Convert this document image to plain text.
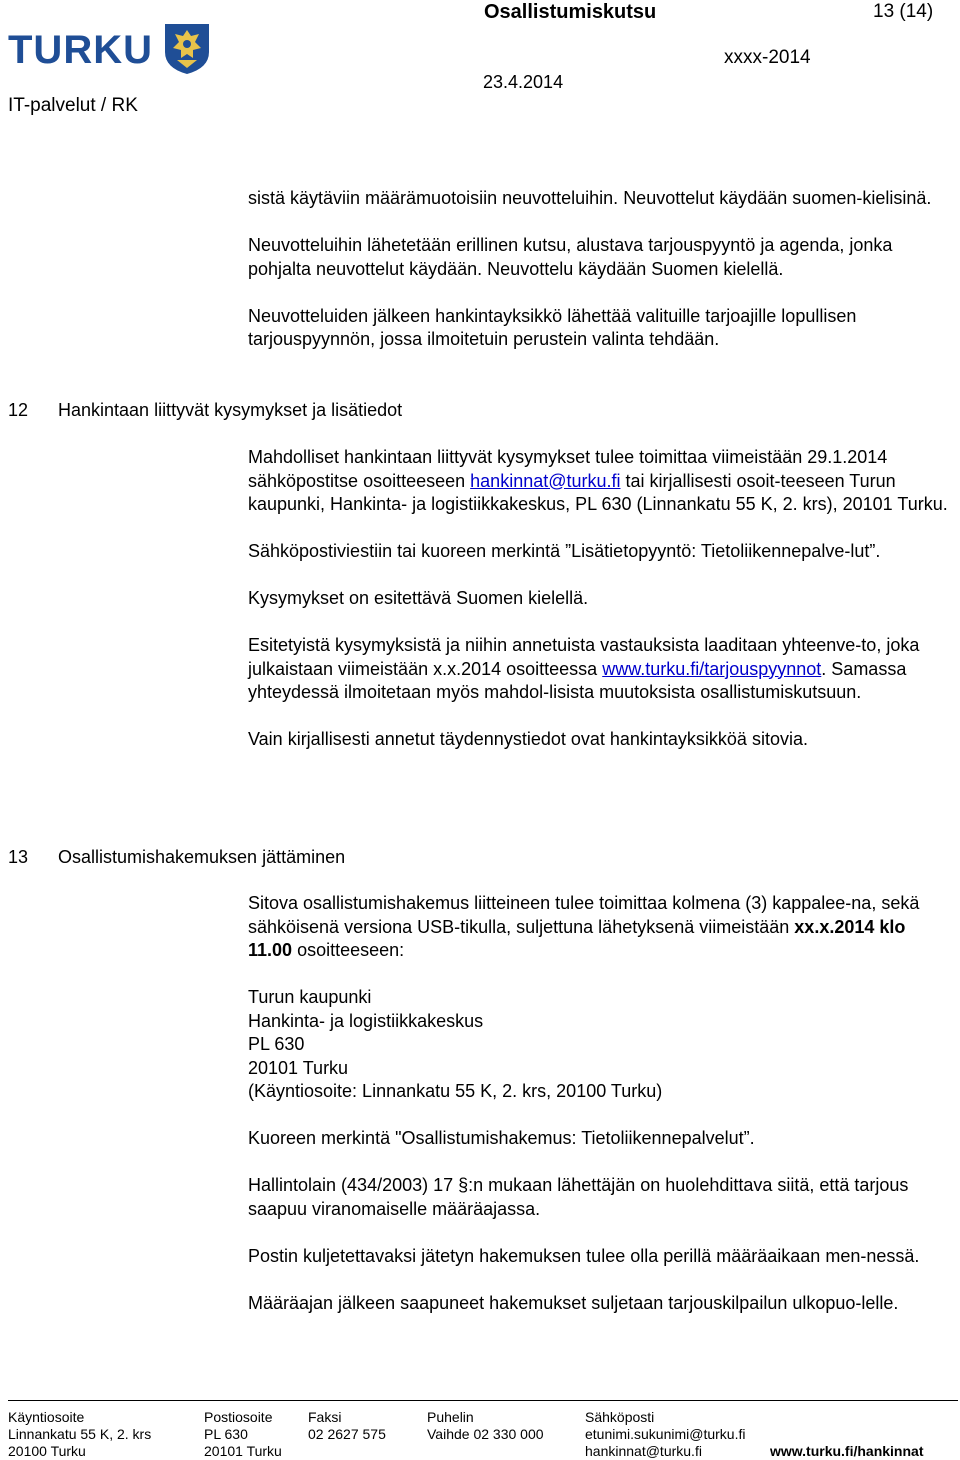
TURKU
Osallistumiskutsu	13 (14)
xxxx-2014
23.4.2014
IT-palvelut / RK

sistä käytäviin määrämuotoisiin neuvotteluihin. Neuvottelut käydään suomen-kielisinä.

Neuvotteluihin lähetetään erillinen kutsu, alustava tarjouspyyntö ja agenda, jonka pohjalta neuvottelut käydään. Neuvottelu käydään Suomen kielellä.

Neuvotteluiden jälkeen hankintayksikkö lähettää valituille tarjoajille lopullisen tarjouspyynnön, jossa ilmoitetuin perustein valinta tehdään.

12 Hankintaan liittyvät kysymykset ja lisätiedot

Mahdolliset hankintaan liittyvät kysymykset tulee toimittaa viimeistään 29.1.2014 sähköpostitse osoitteeseen hankinnat@turku.fi tai kirjallisesti osoit-teeseen Turun kaupunki, Hankinta- ja logistiikkakeskus, PL 630 (Linnankatu 55 K, 2. krs), 20101 Turku.

Sähköpostiviestiin tai kuoreen merkintä ”Lisätietopyyntö: Tietoliikennepalve-lut”.

Kysymykset on esitettävä Suomen kielellä.

Esitetyistä kysymyksistä ja niihin annetuista vastauksista laaditaan yhteenve-to, joka julkaistaan viimeistään x.x.2014 osoitteessa www.turku.fi/tarjouspyynnot. Samassa yhteydessä ilmoitetaan myös mahdol-lisista muutoksista osallistumiskutsuun.

Vain kirjallisesti annetut täydennystiedot ovat hankintayksikköä sitovia.

13 Osallistumishakemuksen jättäminen

Sitova osallistumishakemus liitteineen tulee toimittaa kolmena (3) kappalee-na, sekä sähköisenä versiona USB-tikulla, suljettuna lähetyksenä viimeistään xx.x.2014 klo 11.00 osoitteeseen:

Turun kaupunki
Hankinta- ja logistiikkakeskus
PL 630
20101 Turku
(Käyntiosoite: Linnankatu 55 K, 2. krs, 20100 Turku)

Kuoreen merkintä "Osallistumishakemus: Tietoliikennepalvelut”.

Hallintolain (434/2003) 17 §:n mukaan lähettäjän on huolehdittava siitä, että tarjous saapuu viranomaiselle määräajassa.

Postin kuljetettavaksi jätetyn hakemuksen tulee olla perillä määräaikaan men-nessä.

Määräajan jälkeen saapuneet hakemukset suljetaan tarjouskilpailun ulkopuo-lelle.

Käyntiosoite
Linnankatu 55 K, 2. krs
20100 Turku
Postiosoite
PL 630
20101 Turku
Faksi
02 2627 575
Puhelin
Vaihde 02 330 000
Sähköposti
etunimi.sukunimi@turku.fi
hankinnat@turku.fi	www.turku.fi/hankinnat
